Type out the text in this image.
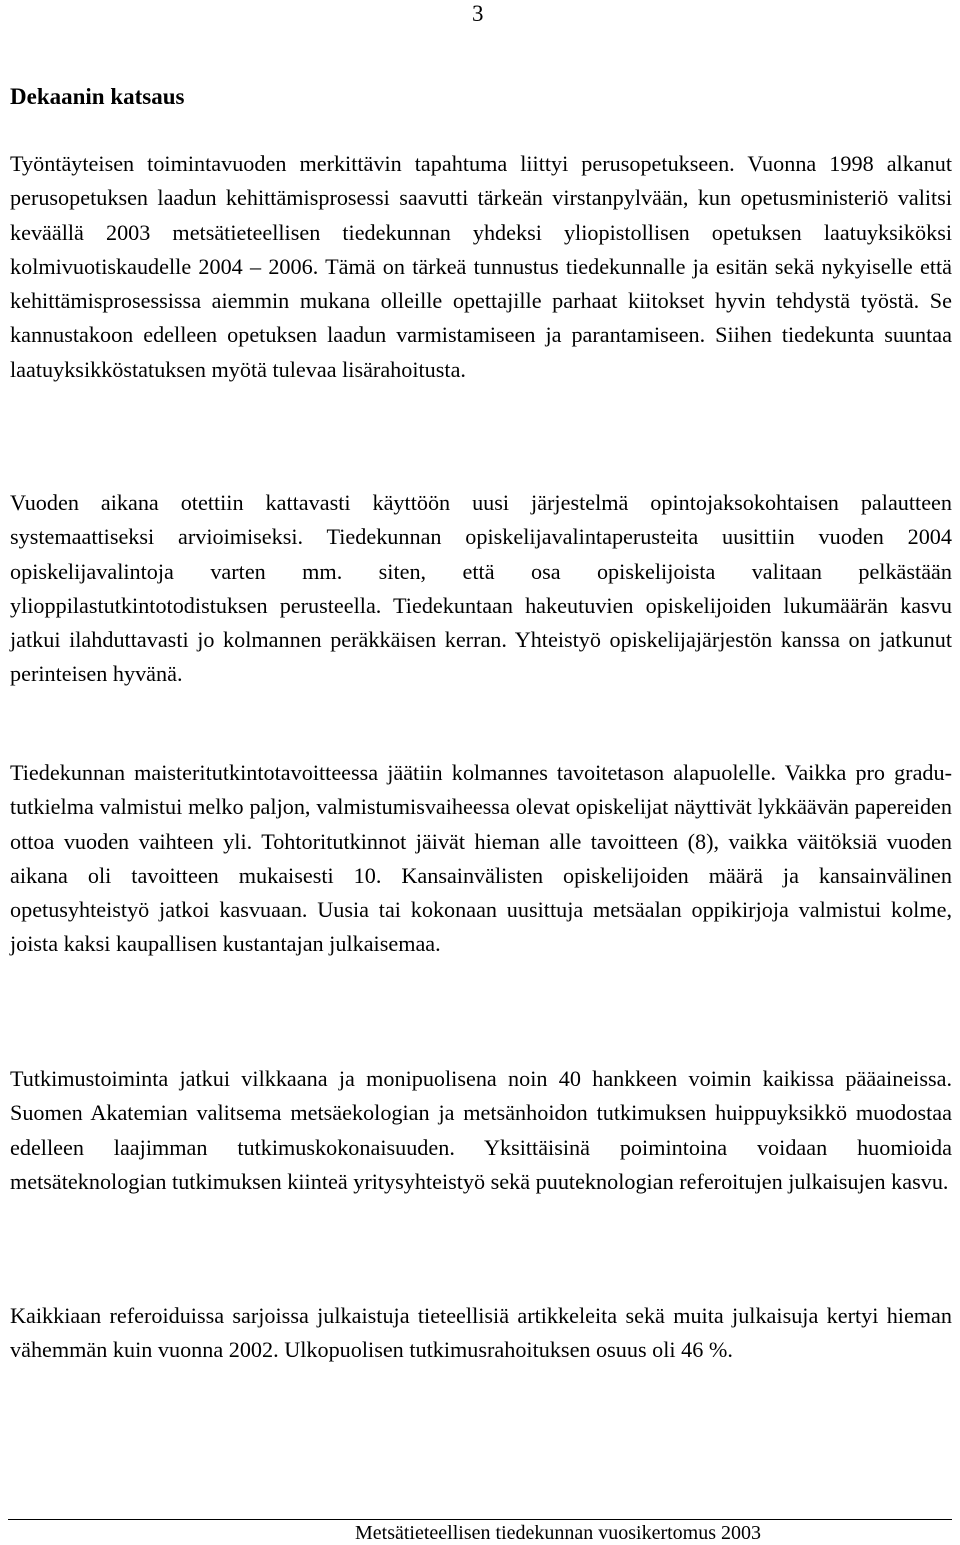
3
Dekaanin katsaus

Työntäyteisen toimintavuoden merkittävin tapahtuma liittyi perusopetukseen. Vuonna 1998 alkanut perusopetuksen laadun kehittämisprosessi saavutti tärkeän virstanpylvään, kun opetusministeriö valitsi keväällä 2003 metsätieteellisen tiedekunnan yhdeksi yliopistollisen opetuksen laatuyksiköksi kolmivuotiskaudelle 2004 – 2006. Tämä on tärkeä tunnustus tiedekunnalle ja esitän sekä nykyiselle että kehittämisprosessissa aiemmin mukana olleille opettajille parhaat kiitokset hyvin tehdystä työstä. Se kannustakoon edelleen opetuksen laadun varmistamiseen ja parantamiseen. Siihen tiedekunta suuntaa laatuyksikköstatuksen myötä tulevaa lisärahoitusta.

Vuoden aikana otettiin kattavasti käyttöön uusi järjestelmä opintojaksokohtaisen palautteen systemaattiseksi arvioimiseksi. Tiedekunnan opiskelijavalintaperusteita uusittiin vuoden 2004 opiskelijavalintoja varten mm. siten, että osa opiskelijoista valitaan pelkästään ylioppilastutkintotodistuksen perusteella. Tiedekuntaan hakeutuvien opiskelijoiden lukumäärän kasvu jatkui ilahduttavasti jo kolmannen peräkkäisen kerran. Yhteistyö opiskelijajärjestön kanssa on jatkunut perinteisen hyvänä.

Tiedekunnan maisteritutkintotavoitteessa jäätiin kolmannes tavoitetason alapuolelle. Vaikka pro gradu-tutkielma valmistui melko paljon, valmistumisvaiheessa olevat opiskelijat näyttivät lykkäävän papereiden ottoa vuoden vaihteen yli. Tohtoritutkinnot jäivät hieman alle tavoitteen (8), vaikka väitöksiä vuoden aikana oli tavoitteen mukaisesti 10. Kansainvälisten opiskelijoiden määrä ja kansainvälinen opetusyhteistyö jatkoi kasvuaan. Uusia tai kokonaan uusittuja metsäalan oppikirjoja valmistui kolme, joista kaksi kaupallisen kustantajan julkaisemaa.

Tutkimustoiminta jatkui vilkkaana ja monipuolisena noin 40 hankkeen voimin kaikissa pääaineissa. Suomen Akatemian valitsema metsäekologian ja metsänhoidon tutkimuksen huippuyksikkö muodostaa edelleen laajimman tutkimuskokonaisuuden. Yksittäisinä poimintoina voidaan huomioida metsäteknologian tutkimuksen kiinteä yritysyhteistyö sekä puuteknologian referoitujen julkaisujen kasvu.

Kaikkiaan referoiduissa sarjoissa julkaistuja tieteellisiä artikkeleita sekä muita julkaisuja kertyi hieman vähemmän kuin vuonna 2002. Ulkopuolisen tutkimusrahoituksen osuus oli 46 %.

Metsätieteellisen tiedekunnan vuosikertomus 2003
